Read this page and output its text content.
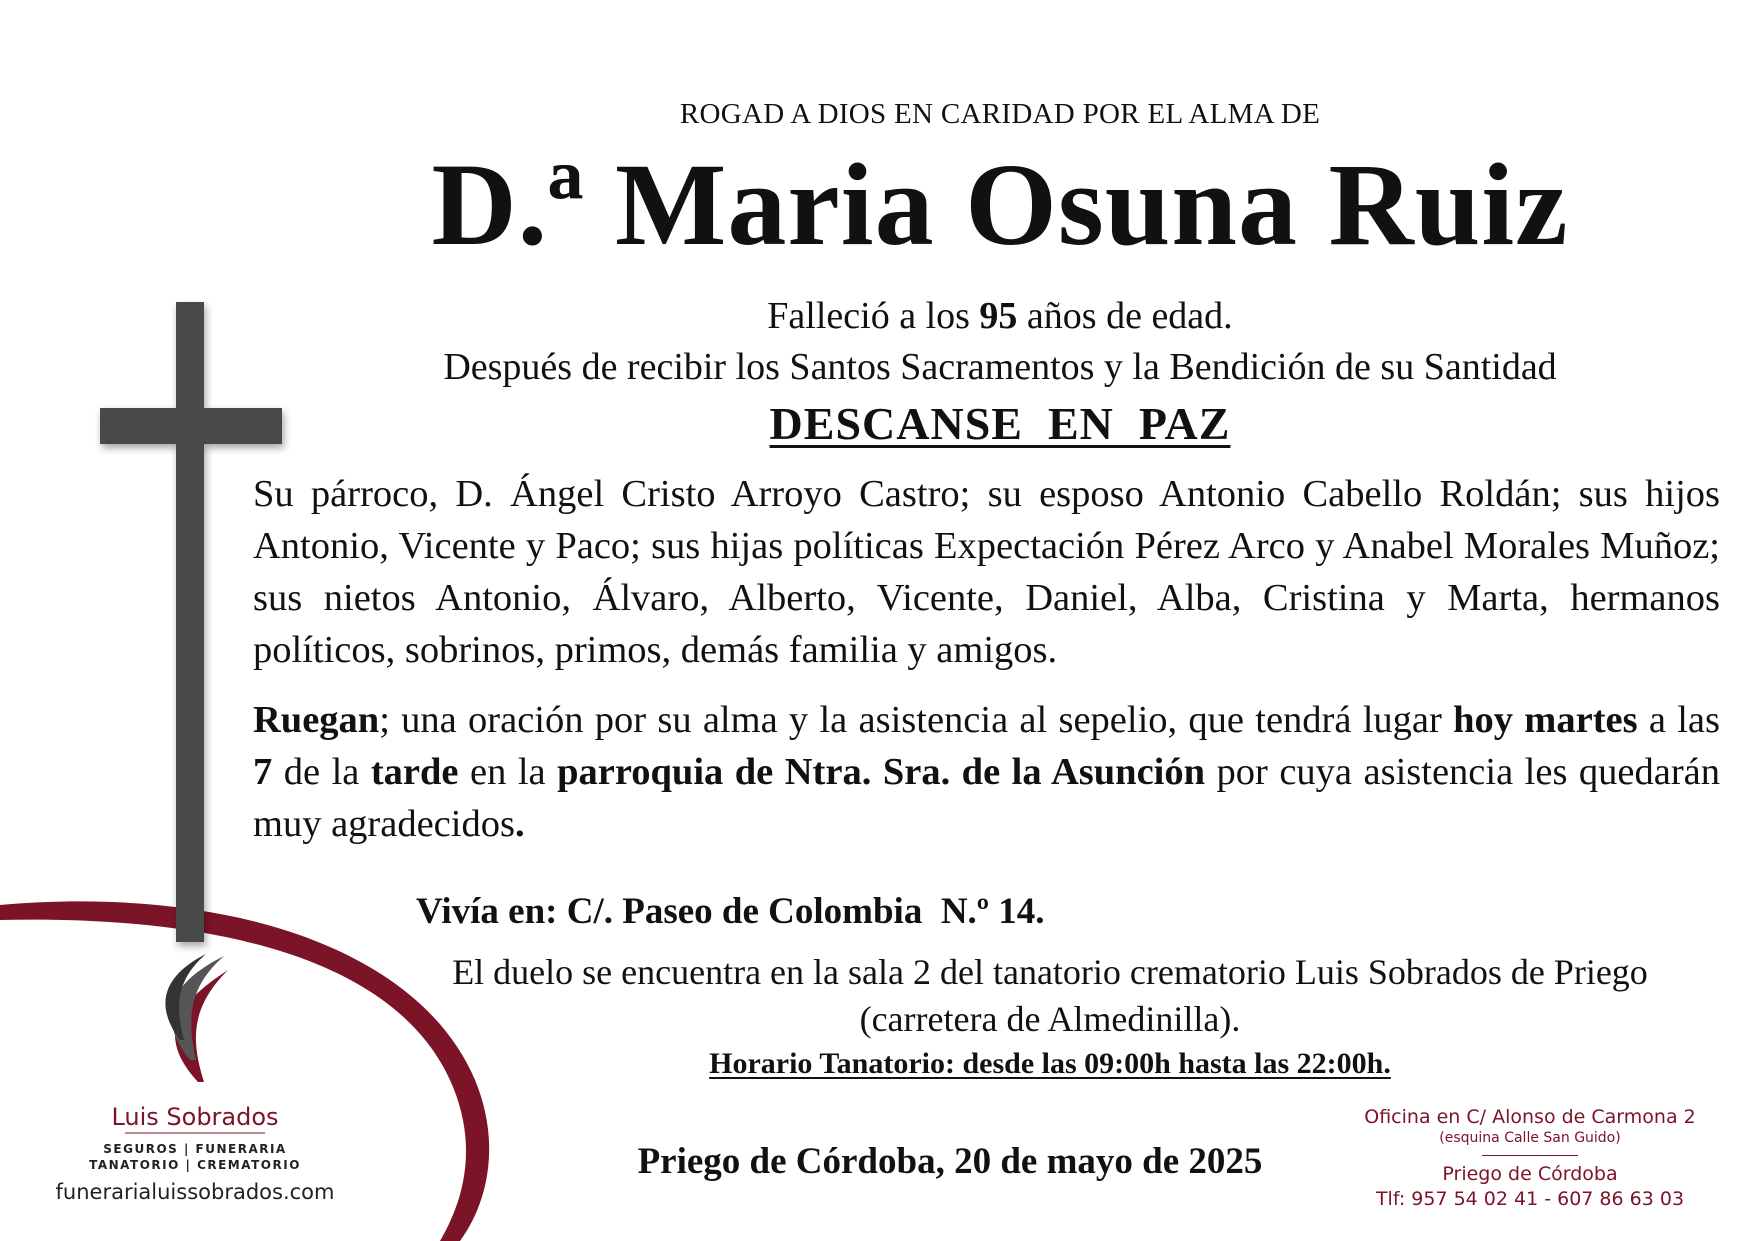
ROGAD A DIOS EN CARIDAD POR EL ALMA DE
D.ª Maria Osuna Ruiz
Falleció a los 95 años de edad.
Después de recibir los Santos Sacramentos y la Bendición de su Santidad
DESCANSE  EN  PAZ
Su párroco, D. Ángel Cristo Arroyo Castro; su esposo Antonio Cabello Roldán; sus hijos Antonio, Vicente y Paco; sus hijas políticas Expectación Pérez Arco y Anabel Morales Muñoz; sus nietos Antonio, Álvaro, Alberto, Vicente, Daniel, Alba, Cristina y Marta, hermanos políticos, sobrinos, primos, demás familia y amigos.
Ruegan; una oración por su alma y la asistencia al sepelio, que tendrá lugar hoy martes a las 7 de la tarde en la parroquia de Ntra. Sra. de la Asunción por cuya asistencia les quedarán muy agradecidos.
Vivía en: C/. Paseo de Colombia  N.º 14.
El duelo se encuentra en la sala 2 del tanatorio crematorio Luis Sobrados de Priego
(carretera de Almedinilla).
Horario Tanatorio: desde las 09:00h hasta las 22:00h.
Priego de Córdoba, 20 de mayo de 2025
Luis Sobrados
SEGUROS | FUNERARIA
TANATORIO | CREMATORIO
funerarialuissobrados.com
Oficina en C/ Alonso de Carmona 2
(esquina Calle San Guido)
Priego de Córdoba
Tlf: 957 54 02 41 - 607 86 63 03
